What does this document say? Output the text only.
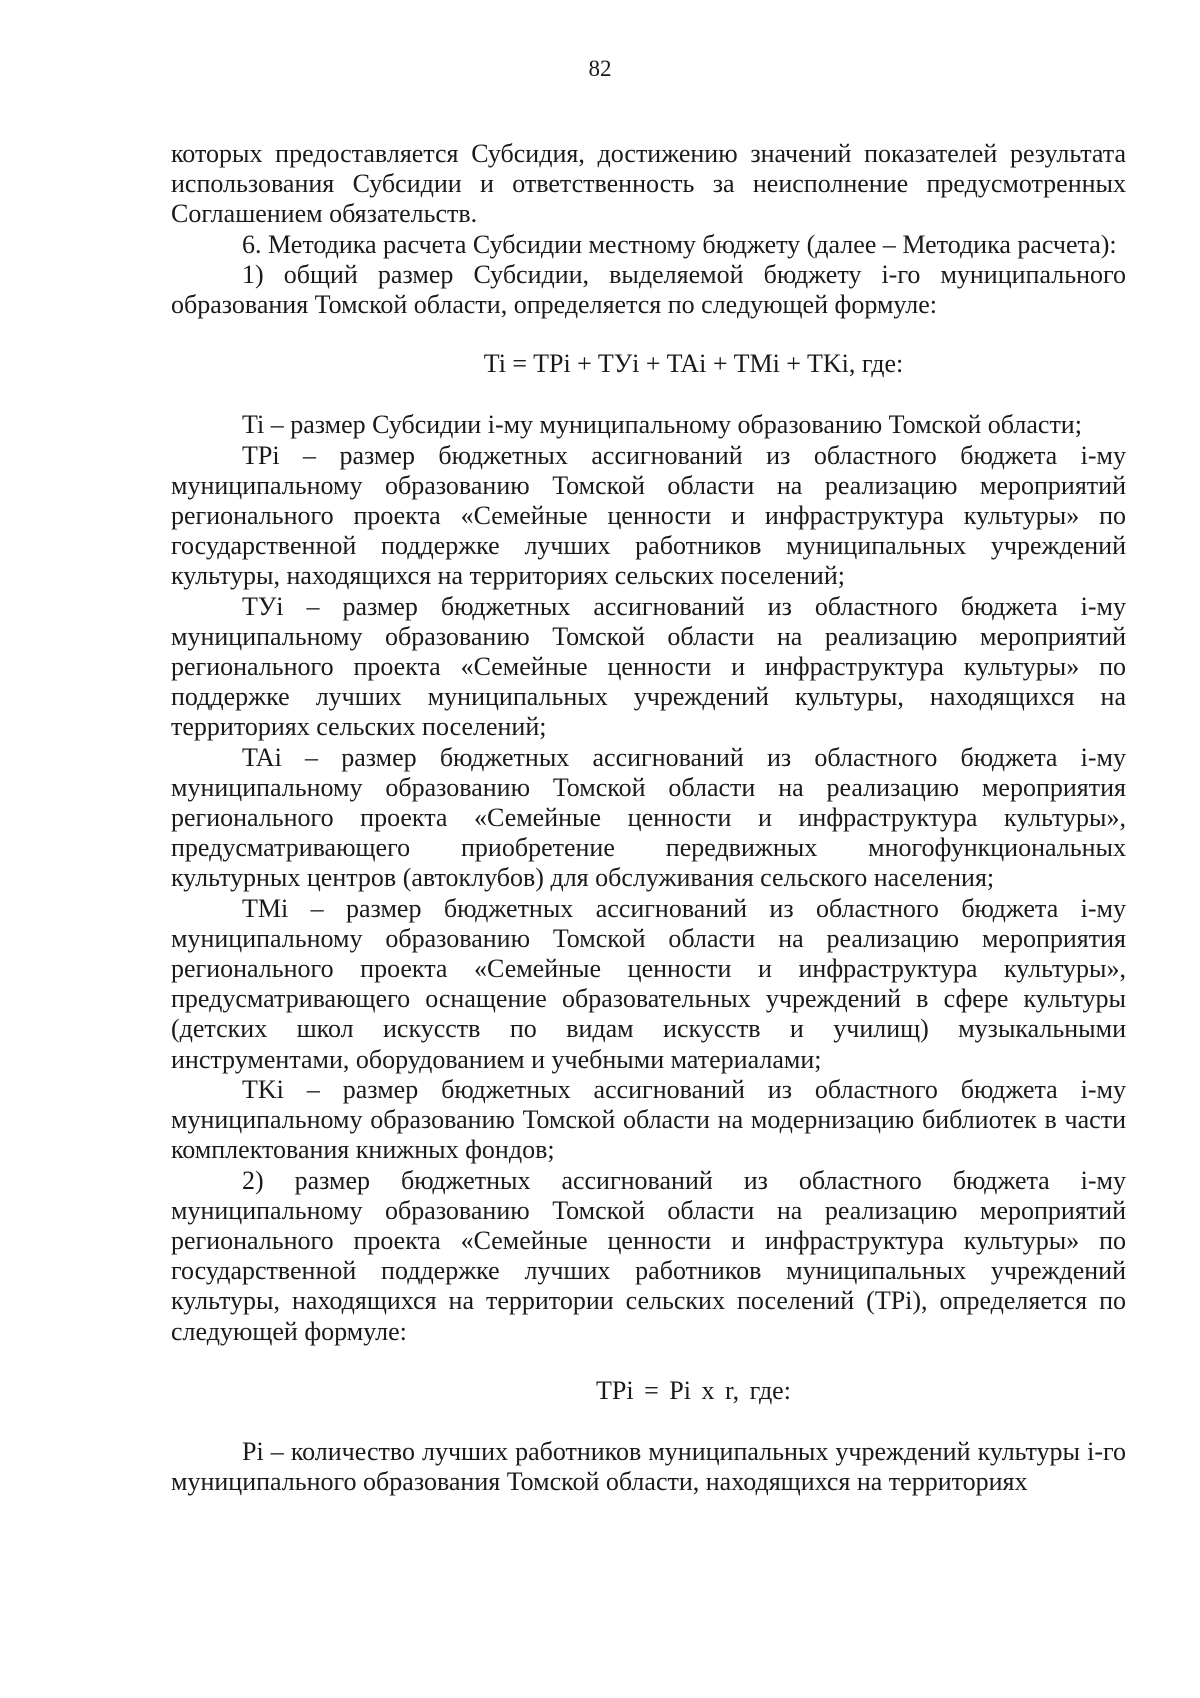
82

которых предоставляется Субсидия, достижению значений показателей результата использования Субсидии и ответственность за неисполнение предусмотренных Соглашением обязательств.

6. Методика расчета Субсидии местному бюджету (далее – Методика расчета):

1) общий размер Субсидии, выделяемой бюджету i-го муниципального образования Томской области, определяется по следующей формуле:

Ti = TPi + TУi + TAi + TMi + TKi, где:

Ti – размер Субсидии i-му муниципальному образованию Томской области;

TPi – размер бюджетных ассигнований из областного бюджета i-му муниципальному образованию Томской области на реализацию мероприятий регионального проекта «Семейные ценности и инфраструктура культуры» по государственной поддержке лучших работников муниципальных учреждений культуры, находящихся на территориях сельских поселений;

TУi – размер бюджетных ассигнований из областного бюджета i-му муниципальному образованию Томской области на реализацию мероприятий регионального проекта «Семейные ценности и инфраструктура культуры» по поддержке лучших муниципальных учреждений культуры, находящихся на территориях сельских поселений;

TAi – размер бюджетных ассигнований из областного бюджета i-му муниципальному образованию Томской области на реализацию мероприятия регионального проекта «Семейные ценности и инфраструктура культуры», предусматривающего приобретение передвижных многофункциональных культурных центров (автоклубов) для обслуживания сельского населения;

TMi – размер бюджетных ассигнований из областного бюджета i-му муниципальному образованию Томской области на реализацию мероприятия регионального проекта «Семейные ценности и инфраструктура культуры», предусматривающего оснащение образовательных учреждений в сфере культуры (детских школ искусств по видам искусств и училищ) музыкальными инструментами, оборудованием и учебными материалами;

TKi – размер бюджетных ассигнований из областного бюджета i-му муниципальному образованию Томской области на модернизацию библиотек в части комплектования книжных фондов;

2) размер бюджетных ассигнований из областного бюджета i-му муниципальному образованию Томской области на реализацию мероприятий регионального проекта «Семейные ценности и инфраструктура культуры» по государственной поддержке лучших работников муниципальных учреждений культуры, находящихся на территории сельских поселений (TPi), определяется по следующей формуле:

TPi = Pi x r, где:

Pi – количество лучших работников муниципальных учреждений культуры i-го муниципального образования Томской области, находящихся на территориях
